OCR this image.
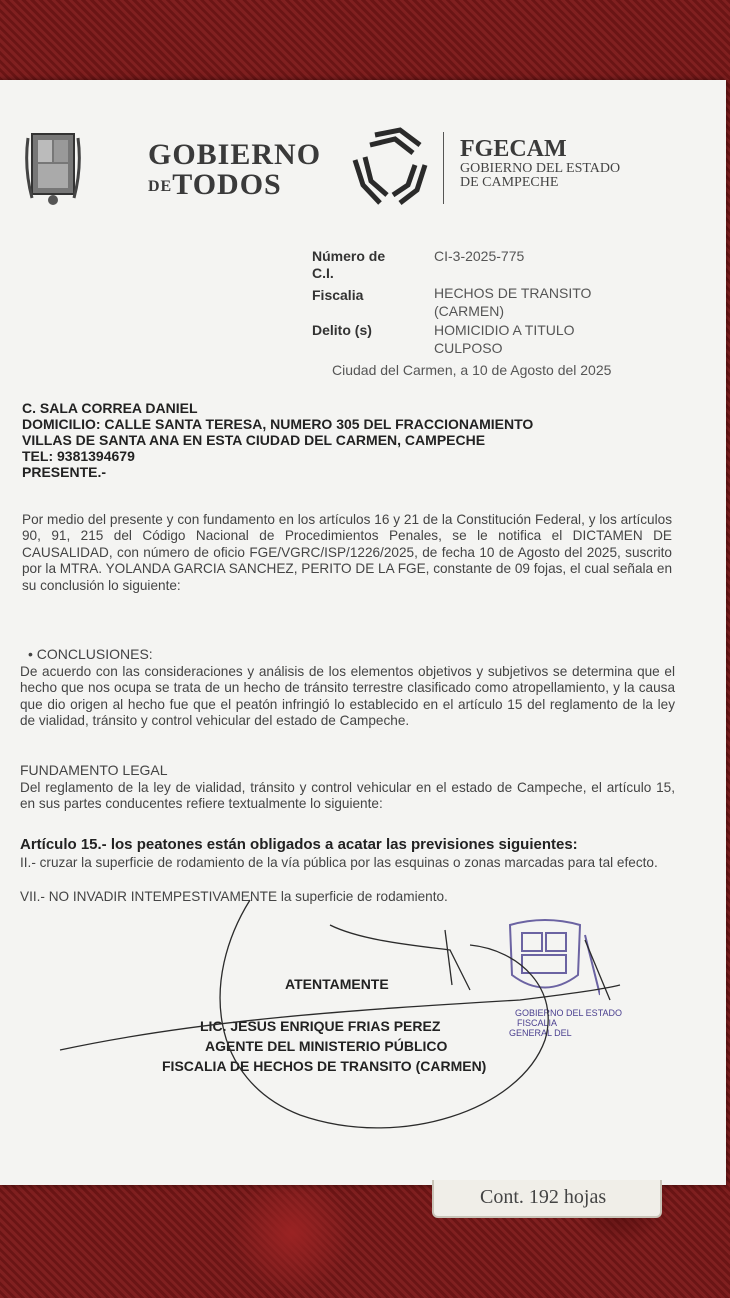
GOBIERNO
DETODOS
FGECAM
GOBIERNO DEL ESTADO
DE CAMPECHE
Número de
C.I.
CI-3-2025-775
Fiscalia	HECHOS DE TRANSITO
(CARMEN)
Delito (s)	HOMICIDIO A TITULO
CULPOSO
Ciudad del Carmen, a 10 de Agosto del 2025
C. SALA CORREA DANIEL
DOMICILIO: CALLE SANTA TERESA, NUMERO 305 DEL FRACCIONAMIENTO
VILLAS DE SANTA ANA EN ESTA CIUDAD DEL CARMEN, CAMPECHE
TEL: 9381394679
PRESENTE.-

Por medio del presente y con fundamento en los artículos 16 y 21 de la Constitución Federal, y los artículos 90, 91, 215 del Código Nacional de Procedimientos Penales, se le notifica el DICTAMEN DE CAUSALIDAD, con número de oficio FGE/VGRC/ISP/1226/2025, de fecha 10 de Agosto del 2025, suscrito por la MTRA. YOLANDA GARCIA SANCHEZ, PERITO DE LA FGE, constante de 09 fojas, el cual señala en su conclusión lo siguiente:

• CONCLUSIONES:
De acuerdo con las consideraciones y análisis de los elementos objetivos y subjetivos se determina que el hecho que nos ocupa se trata de un hecho de tránsito terrestre clasificado como atropellamiento, y la causa que dio origen al hecho fue que el peatón infringió lo establecido en el artículo 15 del reglamento de la ley de vialidad, tránsito y control vehicular del estado de Campeche.
FUNDAMENTO LEGAL
Del reglamento de la ley de vialidad, tránsito y control vehicular en el estado de Campeche, el artículo 15, en sus partes conducentes refiere textualmente lo siguiente:
Artículo 15.- los peatones están obligados a acatar las previsiones siguientes:
II.- cruzar la superficie de rodamiento de la vía pública por las esquinas o zonas marcadas para tal efecto.
VII.- NO INVADIR INTEMPESTIVAMENTE la superficie de rodamiento.
GOBIERNO DEL ESTADO
FISCALIA
GENERAL DEL
ATENTAMENTE
LIC. JESUS ENRIQUE FRIAS PEREZ
AGENTE DEL MINISTERIO PÚBLICO
FISCALIA DE HECHOS DE TRANSITO (CARMEN)
Cont. 192 hojas
